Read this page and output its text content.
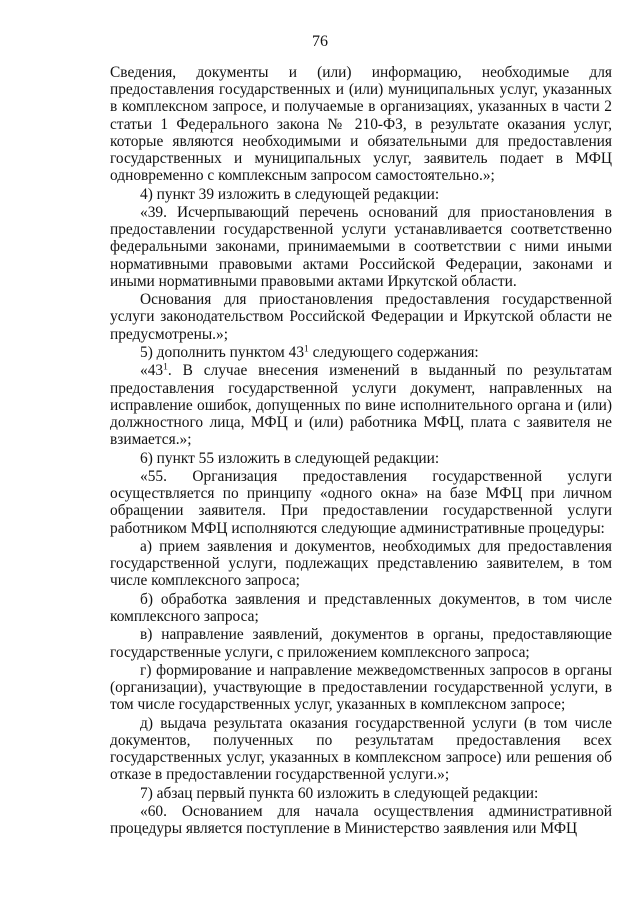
76

Сведения, документы и (или) информацию, необходимые для предоставления государственных и (или) муниципальных услуг, указанных в комплексном запросе, и получаемые в организациях, указанных в части 2 статьи 1 Федерального закона № 210-ФЗ, в результате оказания услуг, которые являются необходимыми и обязательными для предоставления государственных и муниципальных услуг, заявитель подает в МФЦ одновременно с комплексным запросом самостоятельно.»;

4) пункт 39 изложить в следующей редакции:

«39. Исчерпывающий перечень оснований для приостановления в предоставлении государственной услуги устанавливается соответственно федеральными законами, принимаемыми в соответствии с ними иными нормативными правовыми актами Российской Федерации, законами и иными нормативными правовыми актами Иркутской области.

Основания для приостановления предоставления государственной услуги законодательством Российской Федерации и Иркутской области не предусмотрены.»;

5) дополнить пунктом $43^1$ следующего содержания:

«$43^1$. В случае внесения изменений в выданный по результатам предоставления государственной услуги документ, направленных на исправление ошибок, допущенных по вине исполнительного органа и (или) должностного лица, МФЦ и (или) работника МФЦ, плата с заявителя не взимается.»;

6) пункт 55 изложить в следующей редакции:

«55. Организация предоставления государственной услуги осуществляется по принципу «одного окна» на базе МФЦ при личном обращении заявителя. При предоставлении государственной услуги работником МФЦ исполняются следующие административные процедуры:

а) прием заявления и документов, необходимых для предоставления государственной услуги, подлежащих представлению заявителем, в том числе комплексного запроса;

б) обработка заявления и представленных документов, в том числе комплексного запроса;

в) направление заявлений, документов в органы, предоставляющие государственные услуги, с приложением комплексного запроса;

г) формирование и направление межведомственных запросов в органы (организации), участвующие в предоставлении государственной услуги, в том числе государственных услуг, указанных в комплексном запросе;

д) выдача результата оказания государственной услуги (в том числе документов, полученных по результатам предоставления всех государственных услуг, указанных в комплексном запросе) или решения об отказе в предоставлении государственной услуги.»;

7) абзац первый пункта 60 изложить в следующей редакции:

«60. Основанием для начала осуществления административной процедуры является поступление в Министерство заявления или МФЦ
